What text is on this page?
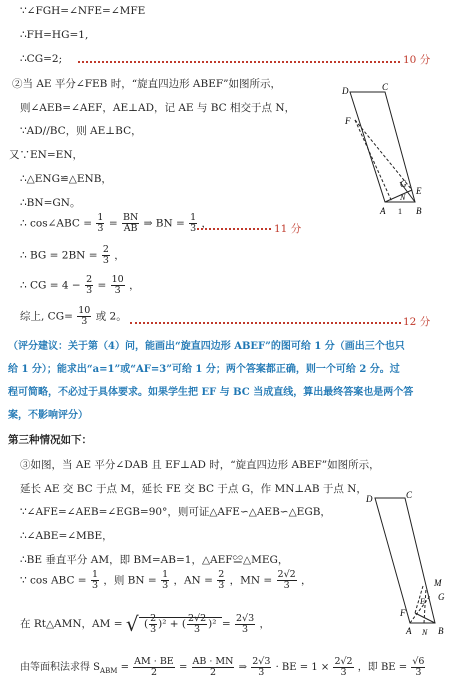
∵∠FGH=∠NFE=∠MFE
∴FH=HG=1,
∴CG=2;	10 分
②当 AE 平分∠FEB 时，“旋直四边形 ABEF”如图所示，
则∠AEB=∠AEF，AE⊥AD，记 AE 与 BC 相交于点 N，
∵AD//BC，则 AE⊥BC，
又∵EN=EN，
∴△ENG≌△ENB，
∴BN=GN。
∴ cos∠ABC = $\frac{1}{3} = \frac{BN}{AB}$ ⇒ BN = $\frac{1}{3}$ ，	11 分
∴ BG = $2BN = \frac{2}{3}$ ，
∴ CG = $4 - \frac{2}{3} = \frac{10}{3}$ ，
综上, $CG= \frac{10}{3}$ 或 2。	12 分
（评分建议：关于第（4）问，能画出“旋直四边形 ABEF”的图可给 1 分（画出三个也只
给 1 分）；能求出“a=1”或“AF=3”可给 1 分；两个答案都正确，则一个可给 2 分。过
程可简略，不必过于具体要求。如果学生把 EF 与 BC 当成直线，算出最终答案也是两个答
案，不影响评分）
第三种情况如下：
③如图，当 AE 平分∠DAB 且 EF⊥AD 时，“旋直四边形 ABEF”如图所示，
延长 AE 交 BC 于点 M，延长 FE 交 BC 于点 G，作 MN⊥AB 于点 N，
∵∠AFE=∠AEB=∠EGB=90°，则可证△AFE∽△AEB∽△EGB，
∴∠ABE=∠MBE，
∴BE 垂直平分 AM，即 BM=AB=1，△AEF≌△MEG，
∵ cos ABC = $\frac{1}{3}$ ，则 BN = $\frac{1}{3}$ ，AN = $\frac{2}{3}$ ，MN = $\frac{2√2}{3}$ ，
在 Rt△AMN，AM = √ ( $\frac{2}{3} )^2$ + ( $\frac{2√2}{3} )^2 = \frac{2√3}{3}$ ，
由等面积法求得 $S_{ABM} = \frac{AM \cdot BE}{2} = \frac{AB \cdot MN}{2}$ ⇒ $\frac{2√3}{3}$ · BE = $1 \times \frac{2√2}{3}$ ，即 BE = $\frac{√6}{3}$
D	C
F
G
E
N
A 1 B
D	C
M
G
E
F
A N B
